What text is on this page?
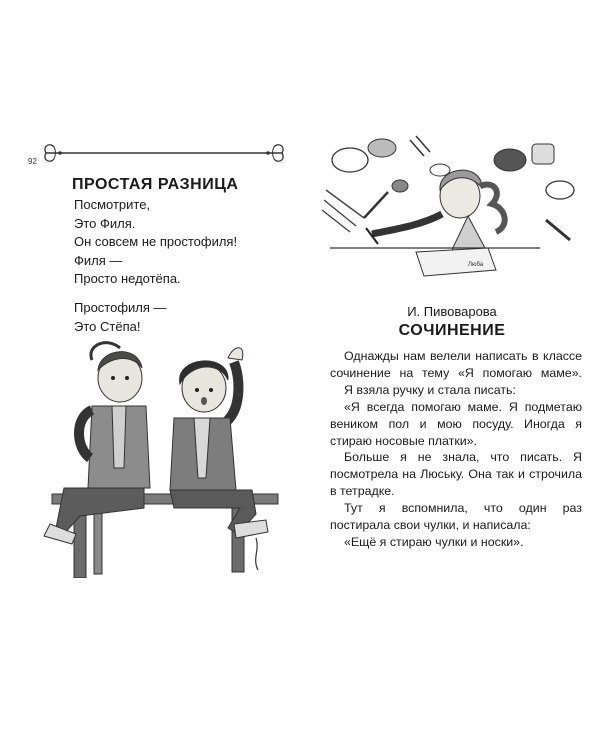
92
ПРОСТАЯ РАЗНИЦА
Посмотрите,
Это Филя.
Он совсем не простофиля!
Филя —
Просто недотёпа.
Простофиля —
Это Стёпа!
Люба
И. Пивоварова
СОЧИНЕНИЕ

Однажды нам велели написать в классе сочинение на тему «Я помогаю маме».

Я взяла ручку и стала писать:

«Я всегда помогаю маме. Я подметаю веником пол и мою посуду. Иногда я стираю носовые платки».

Больше я не знала, что писать. Я посмотрела на Люську. Она так и строчила в тетрадке.

Тут я вспомнила, что один раз постирала свои чулки, и написала:

«Ещё я стираю чулки и носки».
